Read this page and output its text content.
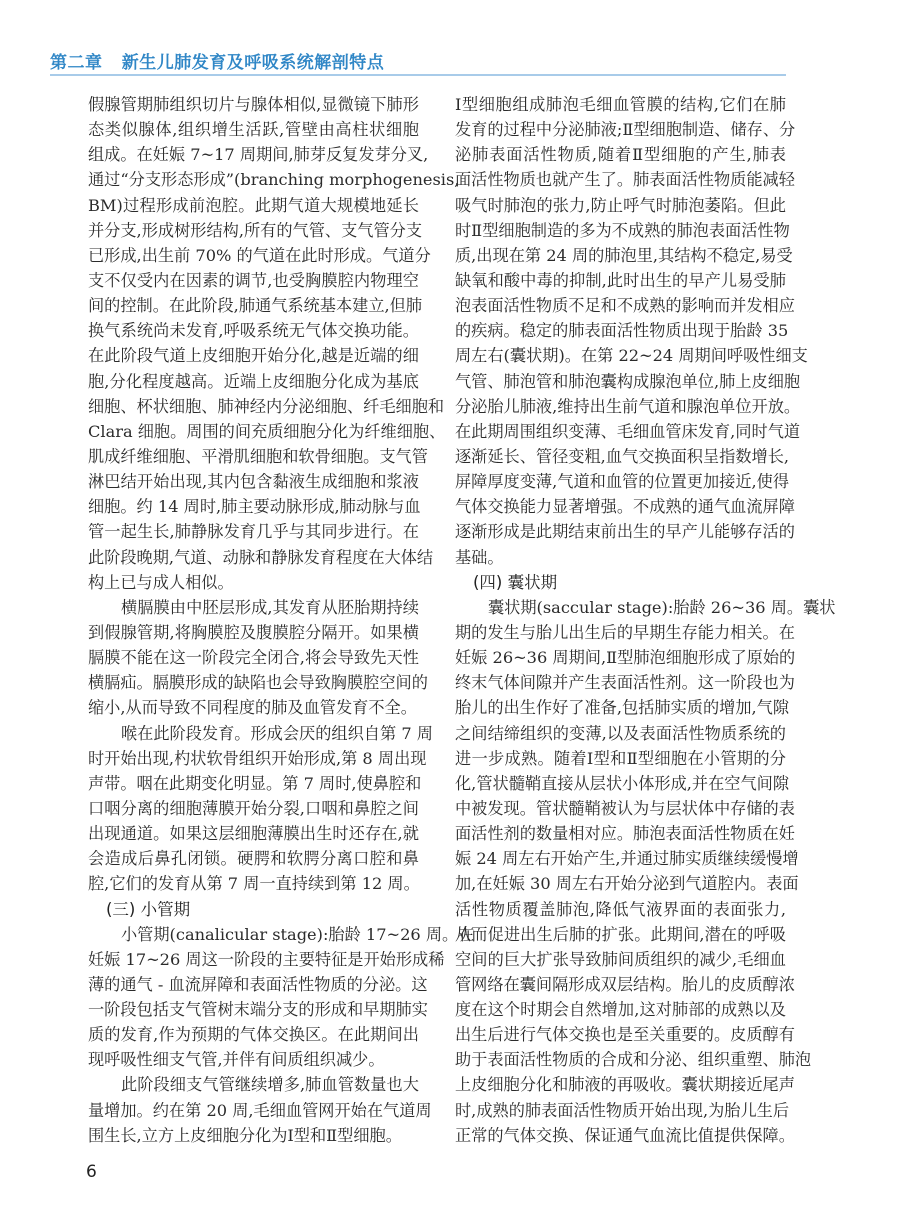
第二章   新生儿肺发育及呼吸系统解剖特点
假腺管期肺组织切片与腺体相似,显微镜下肺形
态类似腺体,组织增生活跃,管壁由高柱状细胞
组成。在妊娠 7~17 周期间,肺芽反复发芽分叉,
通过“分支形态形成”(branching morphogenesis,
BM)过程形成前泡腔。此期气道大规模地延长
并分支,形成树形结构,所有的气管、支气管分支
已形成,出生前 70% 的气道在此时形成。气道分
支不仅受内在因素的调节,也受胸膜腔内物理空
间的控制。在此阶段,肺通气系统基本建立,但肺
换气系统尚未发育,呼吸系统无气体交换功能。
在此阶段气道上皮细胞开始分化,越是近端的细
胞,分化程度越高。近端上皮细胞分化成为基底
细胞、杯状细胞、肺神经内分泌细胞、纤毛细胞和
Clara 细胞。周围的间充质细胞分化为纤维细胞、
肌成纤维细胞、平滑肌细胞和软骨细胞。支气管
淋巴结开始出现,其内包含黏液生成细胞和浆液
细胞。约 14 周时,肺主要动脉形成,肺动脉与血
管一起生长,肺静脉发育几乎与其同步进行。在
此阶段晚期,气道、动脉和静脉发育程度在大体结
构上已与成人相似。
横膈膜由中胚层形成,其发育从胚胎期持续
到假腺管期,将胸膜腔及腹膜腔分隔开。如果横
膈膜不能在这一阶段完全闭合,将会导致先天性
横膈疝。膈膜形成的缺陷也会导致胸膜腔空间的
缩小,从而导致不同程度的肺及血管发育不全。
喉在此阶段发育。形成会厌的组织自第 7 周
时开始出现,杓状软骨组织开始形成,第 8 周出现
声带。咽在此期变化明显。第 7 周时,使鼻腔和
口咽分离的细胞薄膜开始分裂,口咽和鼻腔之间
出现通道。如果这层细胞薄膜出生时还存在,就
会造成后鼻孔闭锁。硬腭和软腭分离口腔和鼻
腔,它们的发育从第 7 周一直持续到第 12 周。
(三) 小管期
小管期(canalicular stage):胎龄 17~26 周。在
妊娠 17~26 周这一阶段的主要特征是开始形成稀
薄的通气 - 血流屏障和表面活性物质的分泌。这
一阶段包括支气管树末端分支的形成和早期肺实
质的发育,作为预期的气体交换区。在此期间出
现呼吸性细支气管,并伴有间质组织减少。
此阶段细支气管继续增多,肺血管数量也大
量增加。约在第 20 周,毛细血管网开始在气道周
围生长,立方上皮细胞分化为Ⅰ型和Ⅱ型细胞。
Ⅰ型细胞组成肺泡毛细血管膜的结构,它们在肺
发育的过程中分泌肺液;Ⅱ型细胞制造、储存、分
泌肺表面活性物质,随着Ⅱ型细胞的产生,肺表
面活性物质也就产生了。肺表面活性物质能减轻
吸气时肺泡的张力,防止呼气时肺泡萎陷。但此
时Ⅱ型细胞制造的多为不成熟的肺泡表面活性物
质,出现在第 24 周的肺泡里,其结构不稳定,易受
缺氧和酸中毒的抑制,此时出生的早产儿易受肺
泡表面活性物质不足和不成熟的影响而并发相应
的疾病。稳定的肺表面活性物质出现于胎龄 35
周左右(囊状期)。在第 22~24 周期间呼吸性细支
气管、肺泡管和肺泡囊构成腺泡单位,肺上皮细胞
分泌胎儿肺液,维持出生前气道和腺泡单位开放。
在此期周围组织变薄、毛细血管床发育,同时气道
逐渐延长、管径变粗,血气交换面积呈指数增长,
屏障厚度变薄,气道和血管的位置更加接近,使得
气体交换能力显著增强。不成熟的通气血流屏障
逐渐形成是此期结束前出生的早产儿能够存活的
基础。
(四) 囊状期
囊状期(saccular stage):胎龄 26~36 周。囊状
期的发生与胎儿出生后的早期生存能力相关。在
妊娠 26~36 周期间,Ⅱ型肺泡细胞形成了原始的
终末气体间隙并产生表面活性剂。这一阶段也为
胎儿的出生作好了准备,包括肺实质的增加,气隙
之间结缔组织的变薄,以及表面活性物质系统的
进一步成熟。随着Ⅰ型和Ⅱ型细胞在小管期的分
化,管状髓鞘直接从层状小体形成,并在空气间隙
中被发现。管状髓鞘被认为与层状体中存储的表
面活性剂的数量相对应。肺泡表面活性物质在妊
娠 24 周左右开始产生,并通过肺实质继续缓慢增
加,在妊娠 30 周左右开始分泌到气道腔内。表面
活性物质覆盖肺泡,降低气液界面的表面张力,
从而促进出生后肺的扩张。此期间,潜在的呼吸
空间的巨大扩张导致肺间质组织的减少,毛细血
管网络在囊间隔形成双层结构。胎儿的皮质醇浓
度在这个时期会自然增加,这对肺部的成熟以及
出生后进行气体交换也是至关重要的。皮质醇有
助于表面活性物质的合成和分泌、组织重塑、肺泡
上皮细胞分化和肺液的再吸收。囊状期接近尾声
时,成熟的肺表面活性物质开始出现,为胎儿生后
正常的气体交换、保证通气血流比值提供保障。
6
